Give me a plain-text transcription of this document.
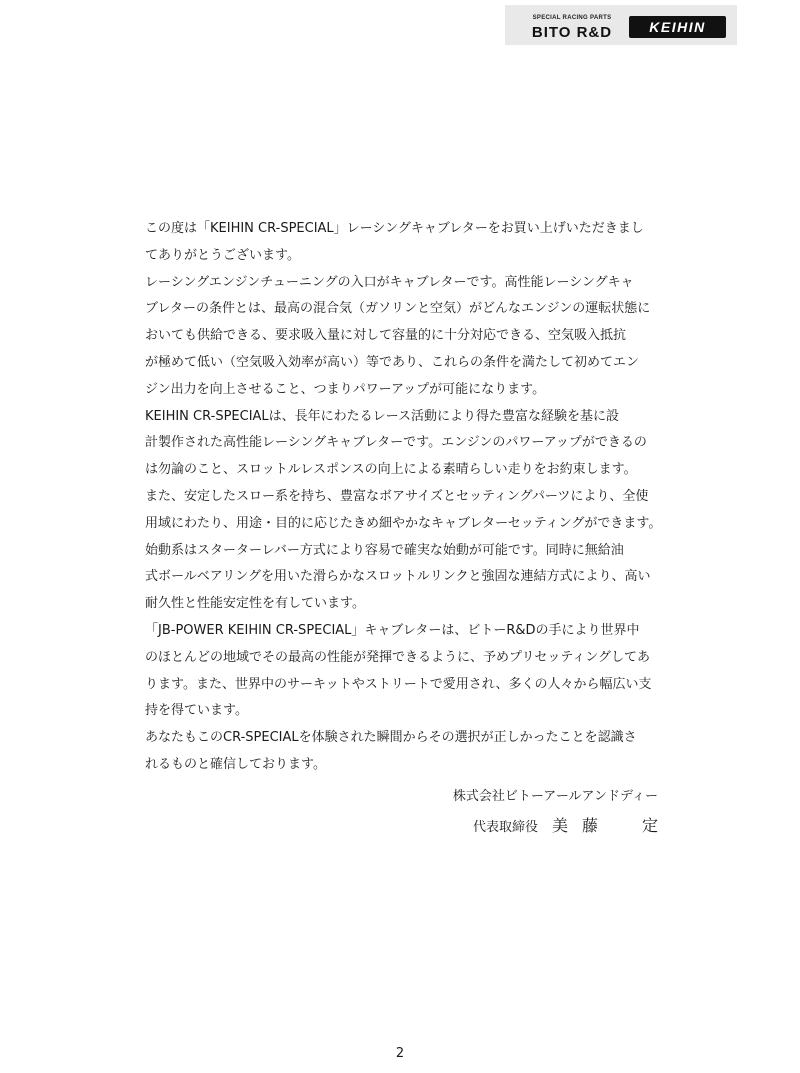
SPECIAL RACING PARTS
BITO R&D	KEIHIN

この度は「KEIHIN CR-SPECIAL」レーシングキャブレターをお買い上げいただきまし

てありがとうございます。

レーシングエンジンチューニングの入口がキャブレターです。高性能レーシングキャ

ブレターの条件とは、最高の混合気（ガソリンと空気）がどんなエンジンの運転状態に

おいても供給できる、要求吸入量に対して容量的に十分対応できる、空気吸入抵抗

が極めて低い（空気吸入効率が高い）等であり、これらの条件を満たして初めてエン

ジン出力を向上させること、つまりパワーアップが可能になります。

KEIHIN CR-SPECIALは、長年にわたるレース活動により得た豊富な経験を基に設

計製作された高性能レーシングキャブレターです。エンジンのパワーアップができるの

は勿論のこと、スロットルレスポンスの向上による素晴らしい走りをお約束します。

また、安定したスロー系を持ち、豊富なボアサイズとセッティングパーツにより、全使

用域にわたり、用途・目的に応じたきめ細やかなキャブレターセッティングができます。

始動系はスターターレバー方式により容易で確実な始動が可能です。同時に無給油

式ボールベアリングを用いた滑らかなスロットルリンクと強固な連結方式により、高い

耐久性と性能安定性を有しています。

「JB-POWER KEIHIN CR-SPECIAL」キャブレターは、ビトーR&Dの手により世界中

のほとんどの地域でその最高の性能が発揮できるように、予めプリセッティングしてあ

ります。また、世界中のサーキットやストリートで愛用され、多くの人々から幅広い支

持を得ています。

あなたもこのCR-SPECIALを体験された瞬間からその選択が正しかったことを認識さ

れるものと確信しております。

株式会社ビトーアールアンドディー
代表取締役 美藤　定
2
